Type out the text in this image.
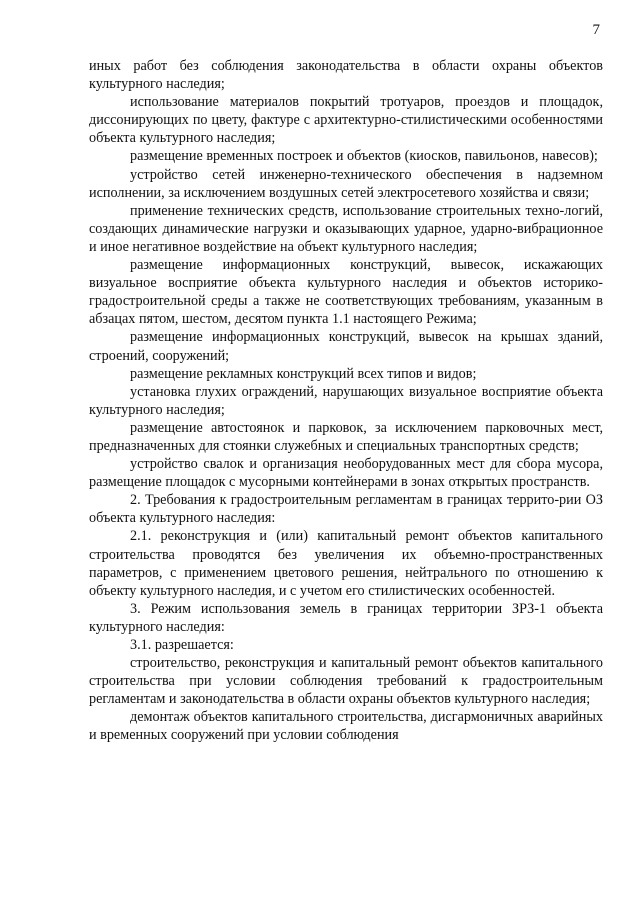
7

иных работ без соблюдения законодательства в области охраны объектов культурного наследия;

использование материалов покрытий тротуаров, проездов и площадок, диссонирующих по цвету, фактуре с архитектурно-стилистическими особенностями объекта культурного наследия;

размещение временных построек и объектов (киосков, павильонов, навесов);

устройство сетей инженерно-технического обеспечения в надземном исполнении, за исключением воздушных сетей электросетевого хозяйства и связи;

применение технических средств, использование строительных техно-логий, создающих динамические нагрузки и оказывающих ударное, ударно-вибрационное и иное негативное воздействие на объект культурного наследия;

размещение информационных конструкций, вывесок, искажающих визуальное восприятие объекта культурного наследия и объектов историко-градостроительной среды а также не соответствующих требованиям, указанным в абзацах пятом, шестом, десятом пункта 1.1 настоящего Режима;

размещение информационных конструкций, вывесок на крышах зданий, строений, сооружений;

размещение рекламных конструкций всех типов и видов;

установка глухих ограждений, нарушающих визуальное восприятие объекта культурного наследия;

размещение автостоянок и парковок, за исключением парковочных мест, предназначенных для стоянки служебных и специальных транспортных средств;

устройство свалок и организация необорудованных мест для сбора мусора, размещение площадок с мусорными контейнерами в зонах открытых пространств.

2. Требования к градостроительным регламентам в границах террито-рии ОЗ объекта культурного наследия:

2.1. реконструкция и (или) капитальный ремонт объектов капитального строительства проводятся без увеличения их объемно-пространственных параметров, с применением цветового решения, нейтрального по отношению к объекту культурного наследия, и с учетом его стилистических особенностей.

3. Режим использования земель в границах территории ЗРЗ-1 объекта культурного наследия:

3.1. разрешается:

строительство, реконструкция и капитальный ремонт объектов капитального строительства при условии соблюдения требований к градостроительным регламентам и законодательства в области охраны объектов культурного наследия;

демонтаж объектов капитального строительства, дисгармоничных аварийных и временных сооружений при условии соблюдения
